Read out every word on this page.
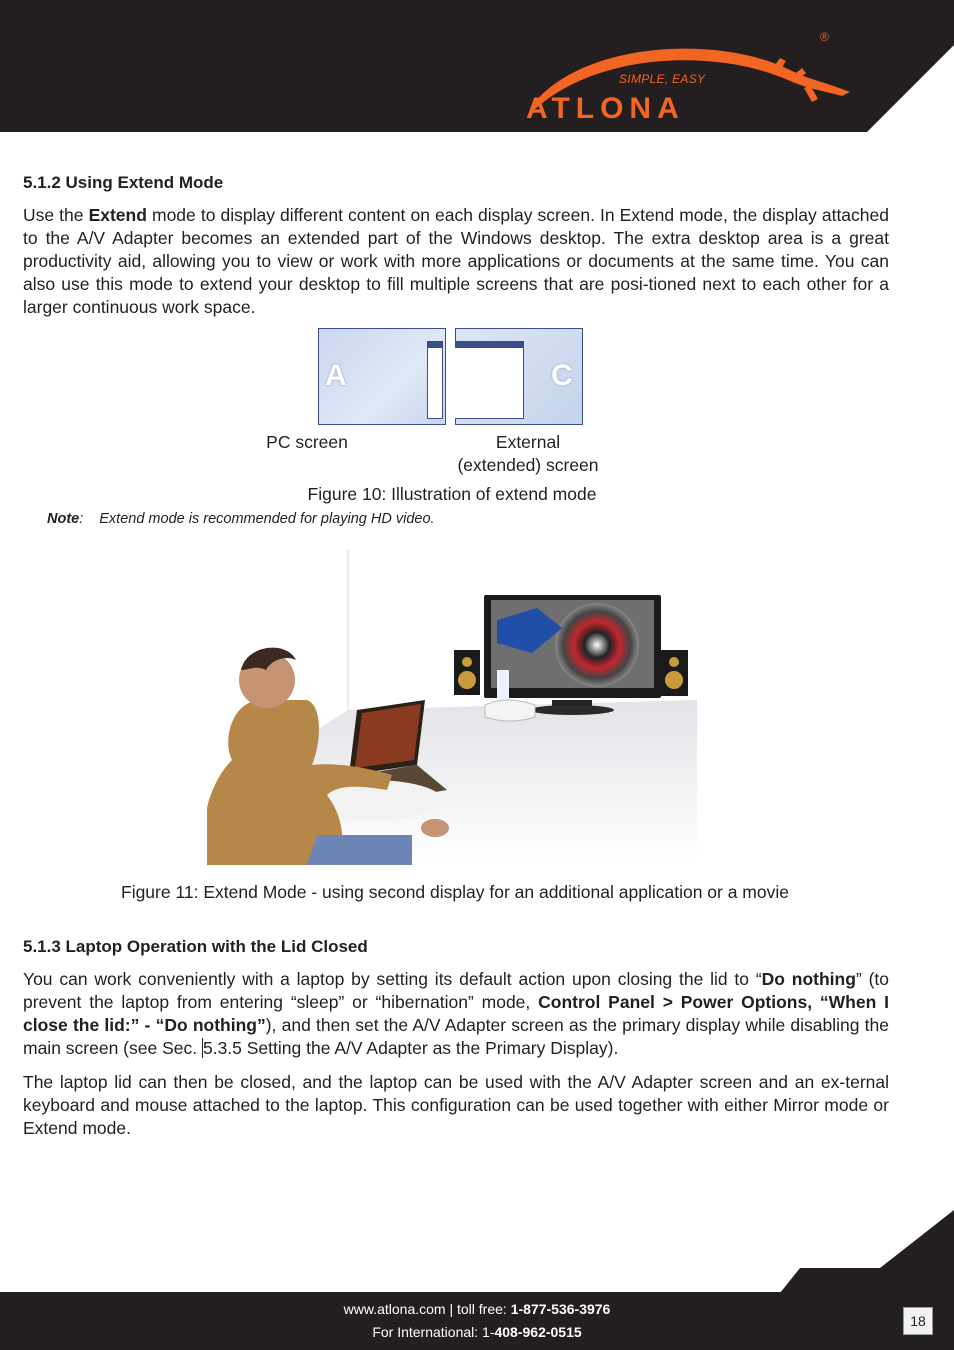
®
SIMPLE, EASY
ATLONA
5.1.2 Using Extend Mode

Use the Extend mode to display different content on each display screen. In Extend mode, the display attached to the A/V Adapter becomes an extended part of the Windows desktop. The extra desktop area is a great productivity aid, allowing you to view or work with more applications or documents at the same time. You can also use this mode to extend your desktop to fill multiple screens that are posi-tioned next to each other for a larger continuous work space.

A	C

PC screen	External

(extended) screen

Figure 10: Illustration of extend mode

Note: Extend mode is recommended for playing HD video.

Figure 11: Extend Mode - using second display for an additional application or a movie

5.1.3 Laptop Operation with the Lid Closed

You can work conveniently with a laptop by setting its default action upon closing the lid to “Do nothing” (to prevent the laptop from entering “sleep” or “hibernation” mode, Control Panel > Power Options, “When I close the lid:” - “Do nothing”), and then set the A/V Adapter screen as the primary display while disabling the main screen (see Sec. 5.3.5 Setting the A/V Adapter as the Primary Display).

The laptop lid can then be closed, and the laptop can be used with the A/V Adapter screen and an ex-ternal keyboard and mouse attached to the laptop. This configuration can be used together with either Mirror mode or Extend mode.

www.atlona.com | toll free: 1-877-536-3976
For International: 1-408-962-0515
18
